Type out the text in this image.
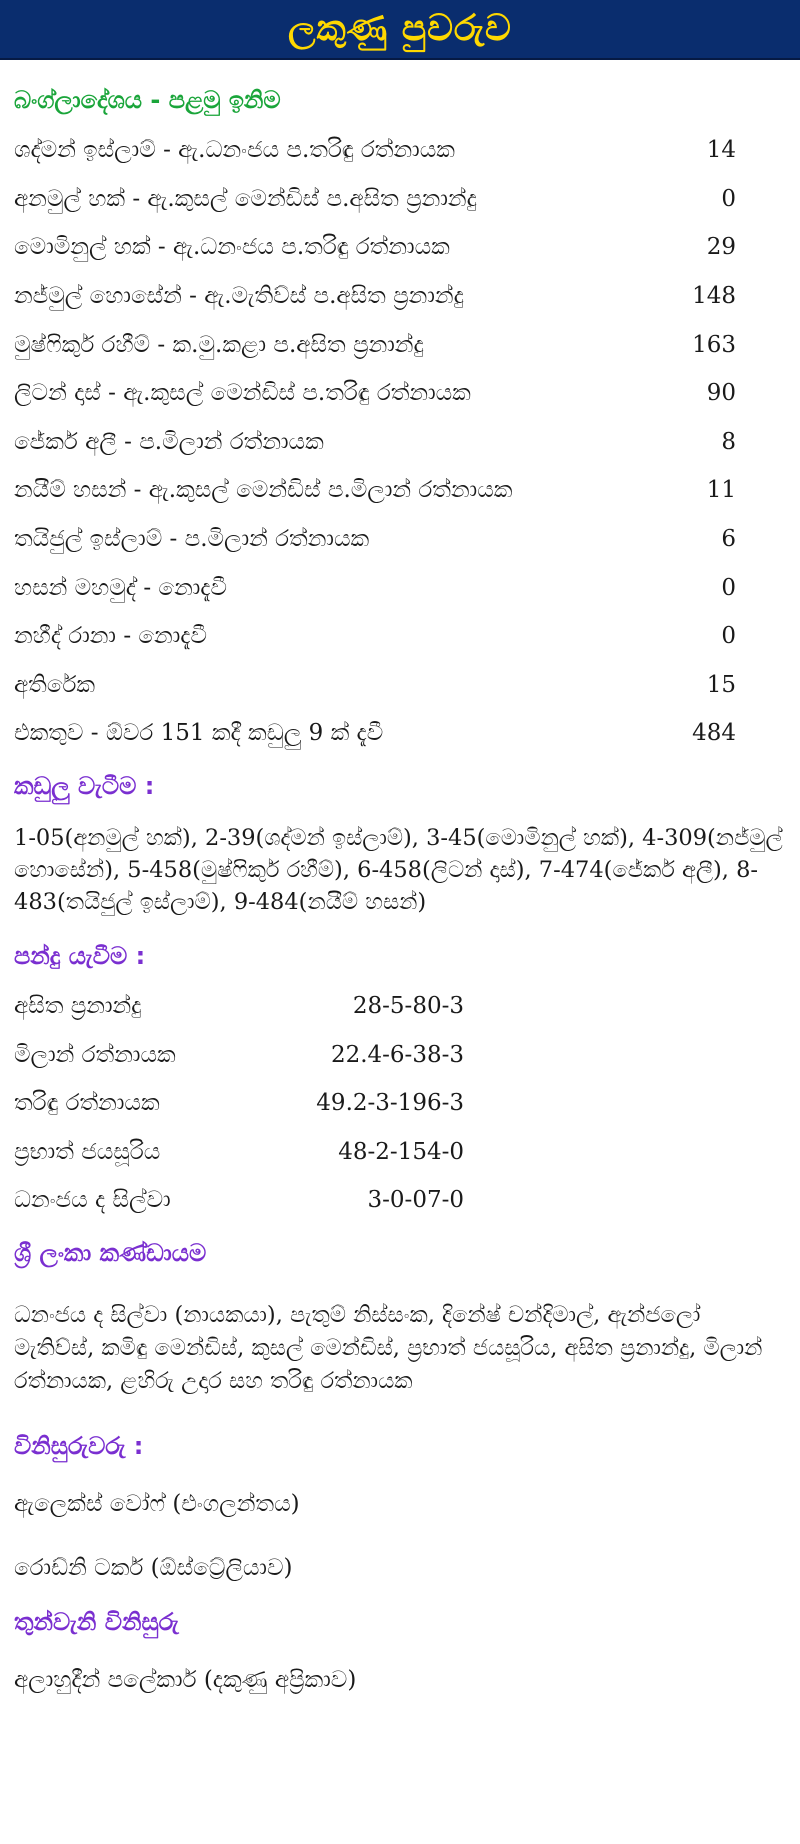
ලකුණු පුවරුව
බංග්ලාදේශය - පළමු ඉනිම
ශද්මන් ඉස්ලාම් - ඇ.ධනංජය ප.තරිඳු රත්නායක	14
අනමුල් හක් - ඇ.කුසල් මෙන්ඩිස් ප.අසිත ප්‍රනාන්දු	0
මොමිනුල් හක් - ඇ.ධනංජය ප.තරිඳු රත්නායක	29
නජ්මුල් හොසේන් - ඇ.මැතිව්ස් ප.අසිත ප්‍රනාන්දු	148
මුෂ්ෆිකුර් රහීම් - ක.මු.කළා ප.අසිත ප්‍රනාන්දු	163
ලිටන් දාස් - ඇ.කුසල් මෙන්ඩිස් ප.තරිඳු රත්නායක	90
ජේකර් අලී - ප.මිලාන් රත්නායක	8
නයීම් හසන් - ඇ.කුසල් මෙන්ඩිස් ප.මිලාන් රත්නායක	11
තයිජුල් ඉස්ලාම් - ප.මිලාන් රත්නායක	6
හසන් මහමුද් - නොදැවී	0
නහීද් රානා - නොදැවී	0
අතිරේක	15
එකතුව - ඕවර 151 කදී කඩුලු 9 ක් දැවී	484
කඩුලු වැටීම :

1-05(අනමුල් හක්), 2-39(ශද්මන් ඉස්ලාම්), 3-45(මොමිනුල් හක්), 4-309(නජ්මුල් හොසේන්), 5-458(මුෂ්ෆිකුර් රහීම්), 6-458(ලිටන් දාස්), 7-474(ජේකර් අලී), 8-483(තයිජුල් ඉස්ලාම්), 9-484(නයීම් හසන්)

පන්දු යැවීම :
අසිත ප්‍රනාන්දු	28-5-80-3
මිලාන් රත්නායක	22.4-6-38-3
තරිඳු රත්නායක	49.2-3-196-3
ප්‍රභාත් ජයසූරිය	48-2-154-0
ධනංජය ද සිල්වා	3-0-07-0
ශ්‍රී ලංකා කණ්ඩායම

ධනංජය ද සිල්වා (නායකයා), පැතුම් නිස්සංක, දිනේෂ් චන්දිමාල්, ඇන්ජලෝ මැතිව්ස්, කමිඳු මෙන්ඩිස්, කුසල් මෙන්ඩිස්, ප්‍රභාත් ජයසූරිය, අසිත ප්‍රනාන්දු, මිලාන් රත්නායක, ළහිරු උදාර සහ තරිඳු රත්නායක

විනිසුරුවරු :
ඇලෙක්ස් වෝෆ් (එංගලන්තය)
රොඩ්නි ටකර් (ඕස්ට්‍රේලියාව)
තුන්වැනි විනිසුරු
අලාහුදීන් පලේකාර් (දකුණු අප්‍රිකාව)
